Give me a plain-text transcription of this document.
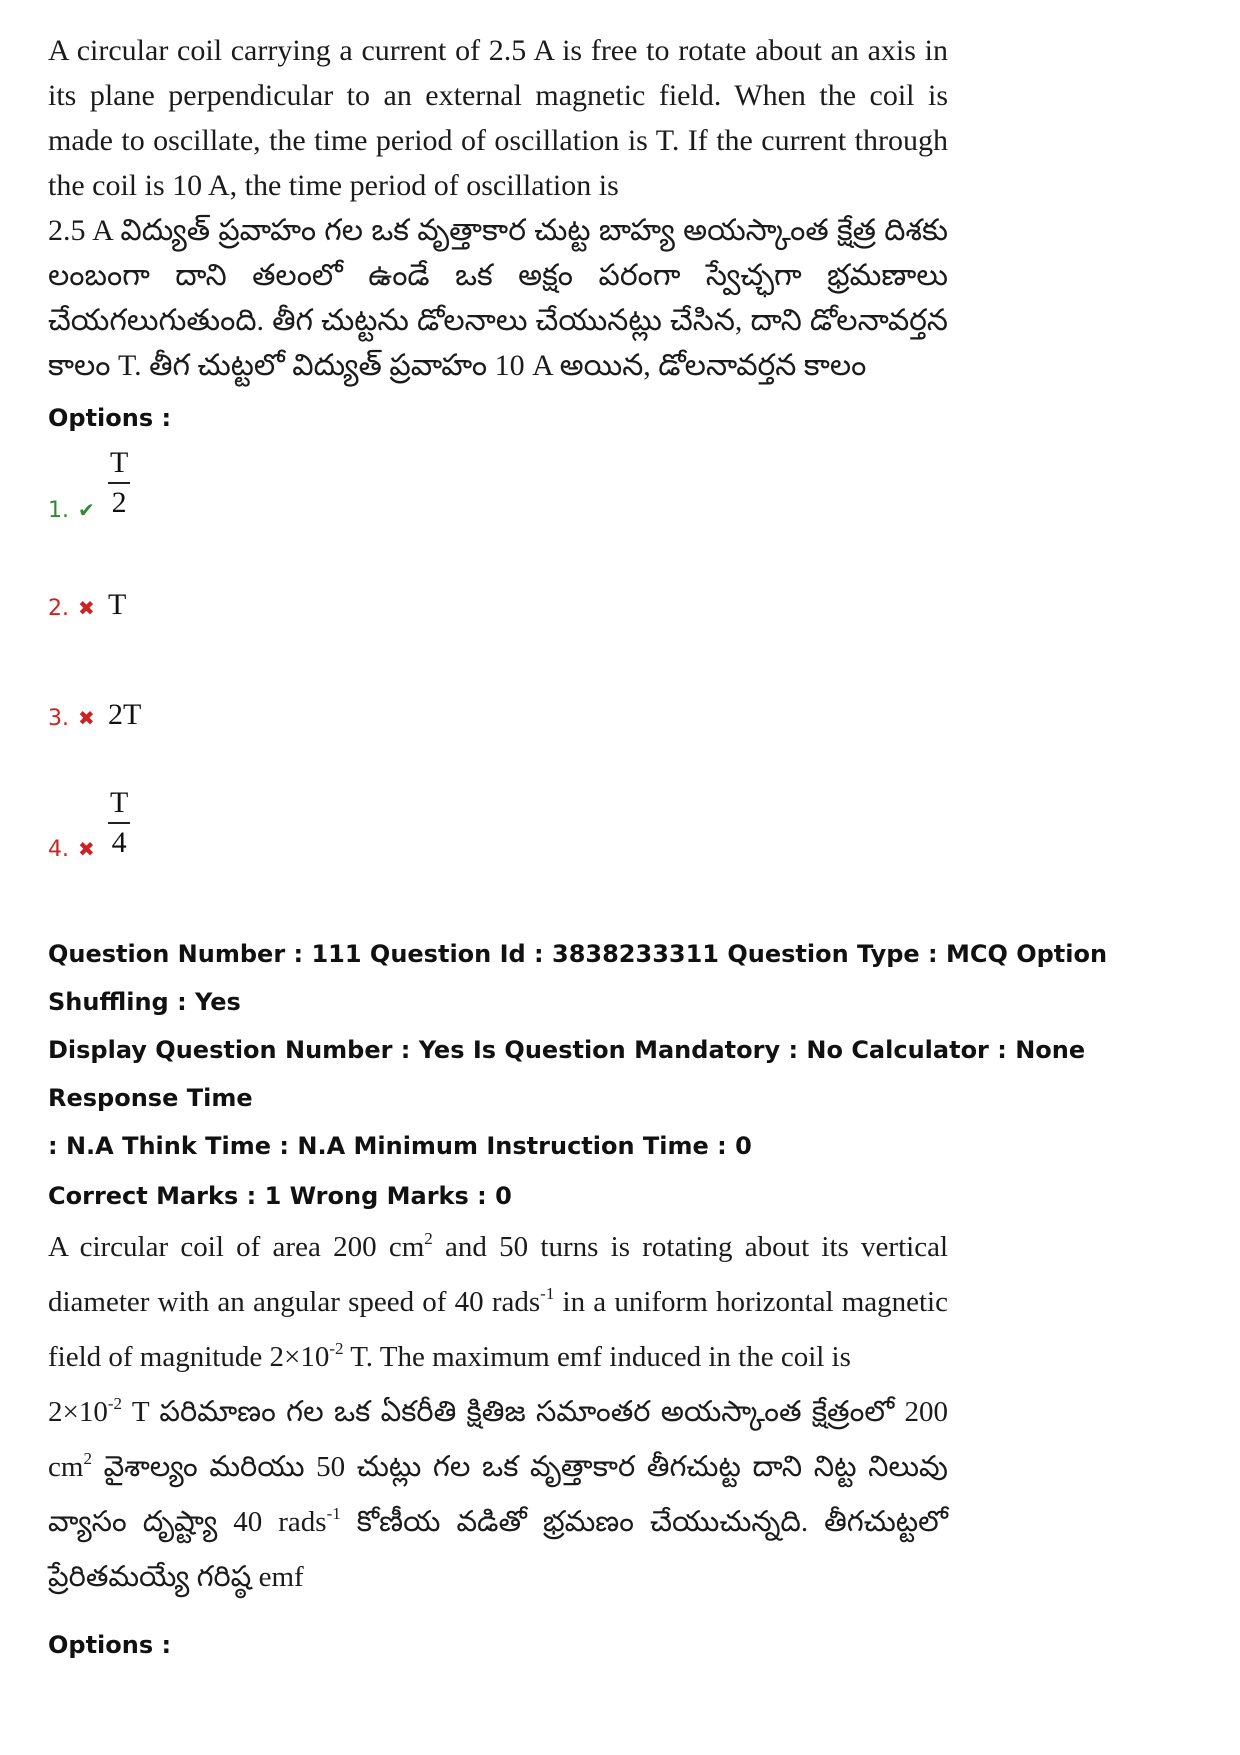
A circular coil carrying a current of 2.5 A is free to rotate about an axis in its plane perpendicular to an external magnetic field. When the coil is made to oscillate, the time period of oscillation is T. If the current through the coil is 10 A, the time period of oscillation is

2.5 A విద్యుత్ ప్రవాహం గల ఒక వృత్తాకార చుట్ట బాహ్య అయస్కాంత క్షేత్ర దిశకు లంబంగా దాని తలంలో ఉండే ఒక అక్షం పరంగా స్వేచ్ఛగా భ్రమణాలు చేయగలుగుతుంది. తీగ చుట్టను డోలనాలు చేయునట్లు చేసిన, దాని డోలనావర్తన కాలం T. తీగ చుట్టలో విద్యుత్ ప్రవాహం 10 A అయిన, డోలనావర్తన కాలం

Options :

1. ✔ $\frac{T}{2}$
2. ✖ T
3. ✖ 2T
4. ✖ $\frac{T}{4}$

Question Number : 111 Question Id : 3838233311 Question Type : MCQ Option Shuffling : Yes

Display Question Number : Yes Is Question Mandatory : No Calculator : None Response Time

: N.A Think Time : N.A Minimum Instruction Time : 0

Correct Marks : 1 Wrong Marks : 0

A circular coil of area 200 $cm^2$ and 50 turns is rotating about its vertical diameter with an angular speed of 40 rads$^{-1}$ in a uniform horizontal magnetic field of magnitude $2\times 10^{-2}$ T. The maximum emf induced in the coil is

$2\times 10^{-2}$ T పరిమాణం గల ఒక ఏకరీతి క్షితిజ సమాంతర అయస్కాంత క్షేత్రంలో 200 $cm^2$ వైశాల్యం మరియు 50 చుట్లు గల ఒక వృత్తాకార తీగచుట్ట దాని నిట్ట నిలువు వ్యాసం దృష్ట్యా 40 rads$^{-1}$ కోణీయ వడితో భ్రమణం చేయుచున్నది. తీగచుట్టలో ప్రేరితమయ్యే గరిష్ఠ emf

Options :
